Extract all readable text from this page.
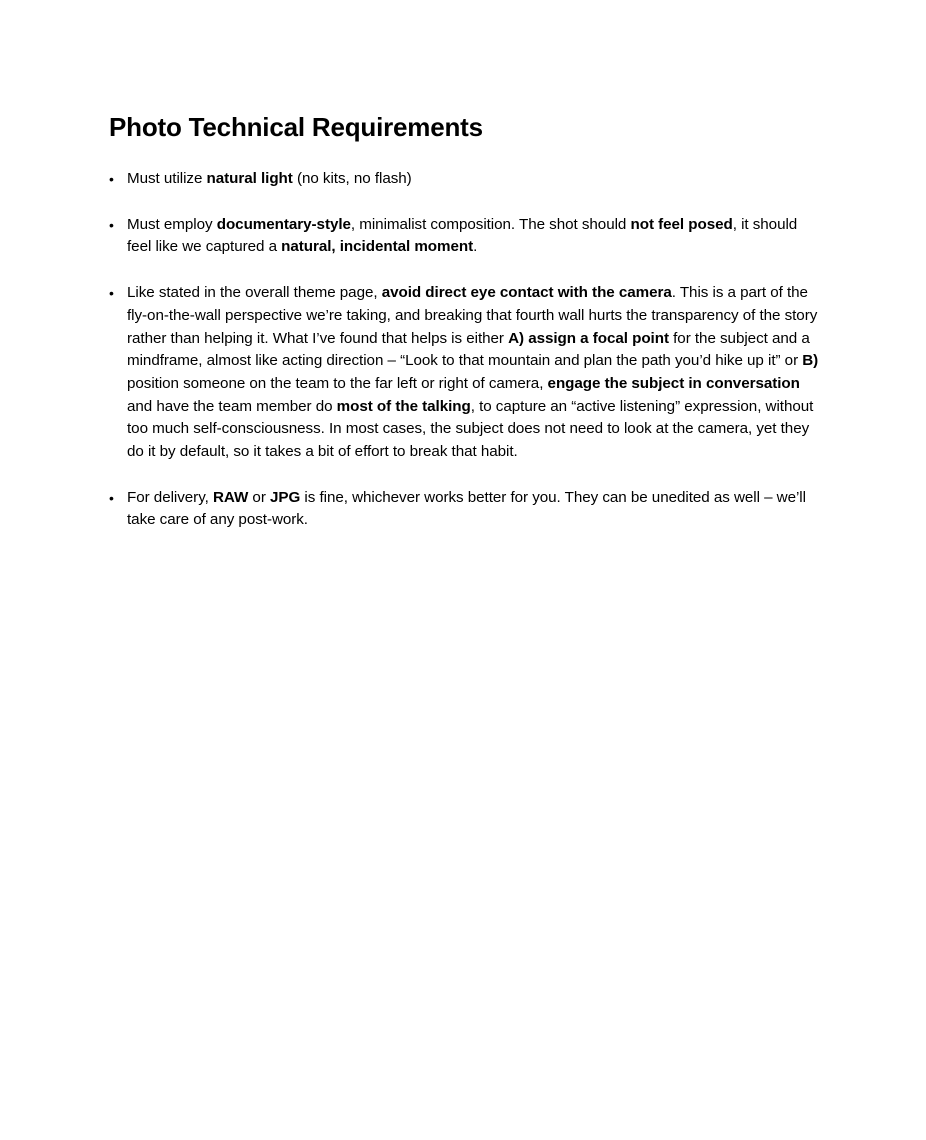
Photo Technical Requirements
• Must utilize natural light (no kits, no flash)
• Must employ documentary-style, minimalist composition. The shot should not feel posed, it should feel like we captured a natural, incidental moment.
• Like stated in the overall theme page, avoid direct eye contact with the camera. This is a part of the fly-on-the-wall perspective we’re taking, and breaking that fourth wall hurts the transparency of the story rather than helping it. What I’ve found that helps is either A) assign a focal point for the subject and a mindframe, almost like acting direction – “Look to that mountain and plan the path you’d hike up it” or B) position someone on the team to the far left or right of camera, engage the subject in conversation and have the team member do most of the talking, to capture an “active listening” expression, without too much self-consciousness. In most cases, the subject does not need to look at the camera, yet they do it by default, so it takes a bit of effort to break that habit.
• For delivery, RAW or JPG is fine, whichever works better for you. They can be unedited as well – we’ll take care of any post-work.
